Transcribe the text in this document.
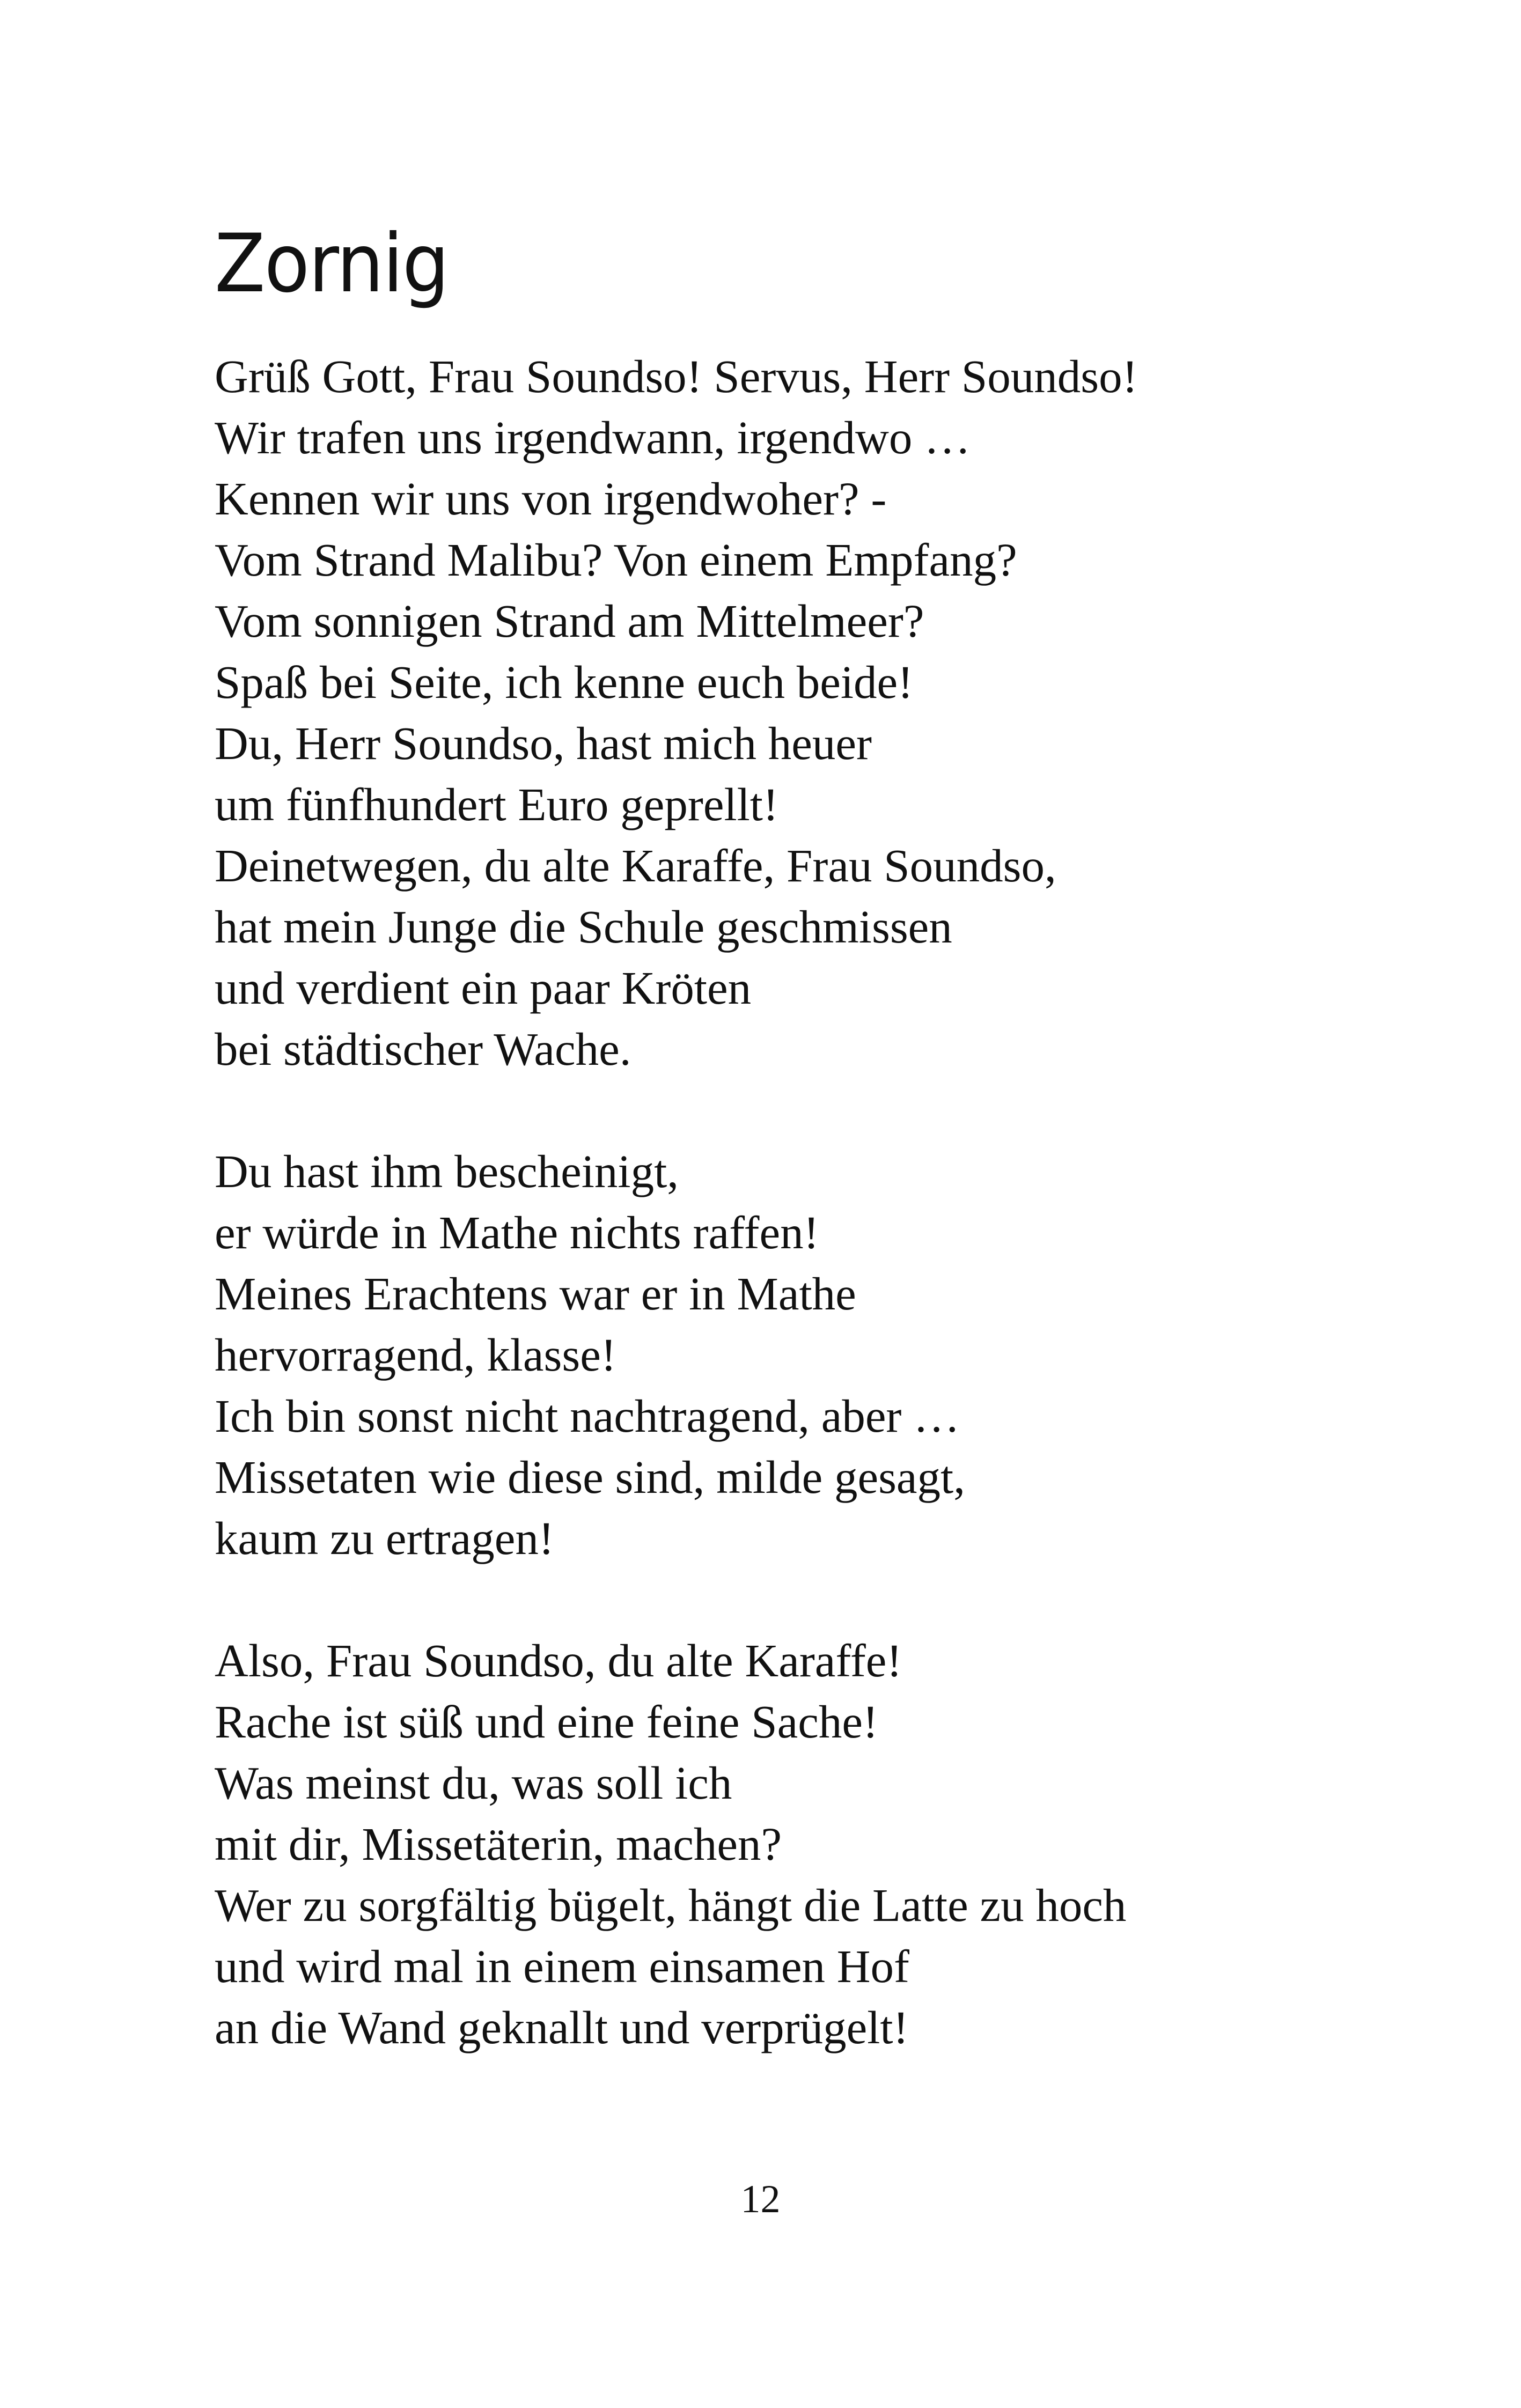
Zornig
Grüß Gott, Frau Soundso! Servus, Herr Soundso!
Wir trafen uns irgendwann, irgendwo …
Kennen wir uns von irgendwoher? -
Vom Strand Malibu? Von einem Empfang?
Vom sonnigen Strand am Mittelmeer?
Spaß bei Seite, ich kenne euch beide!
Du, Herr Soundso, hast mich heuer
um fünfhundert Euro geprellt!
Deinetwegen, du alte Karaffe, Frau Soundso,
hat mein Junge die Schule geschmissen
und verdient ein paar Kröten
bei städtischer Wache.
Du hast ihm bescheinigt,
er würde in Mathe nichts raffen!
Meines Erachtens war er in Mathe
hervorragend, klasse!
Ich bin sonst nicht nachtragend, aber …
Missetaten wie diese sind, milde gesagt,
kaum zu ertragen!
Also, Frau Soundso, du alte Karaffe!
Rache ist süß und eine feine Sache!
Was meinst du, was soll ich
mit dir, Missetäterin, machen?
Wer zu sorgfältig bügelt, hängt die Latte zu hoch
und wird mal in einem einsamen Hof
an die Wand geknallt und verprügelt!
12
